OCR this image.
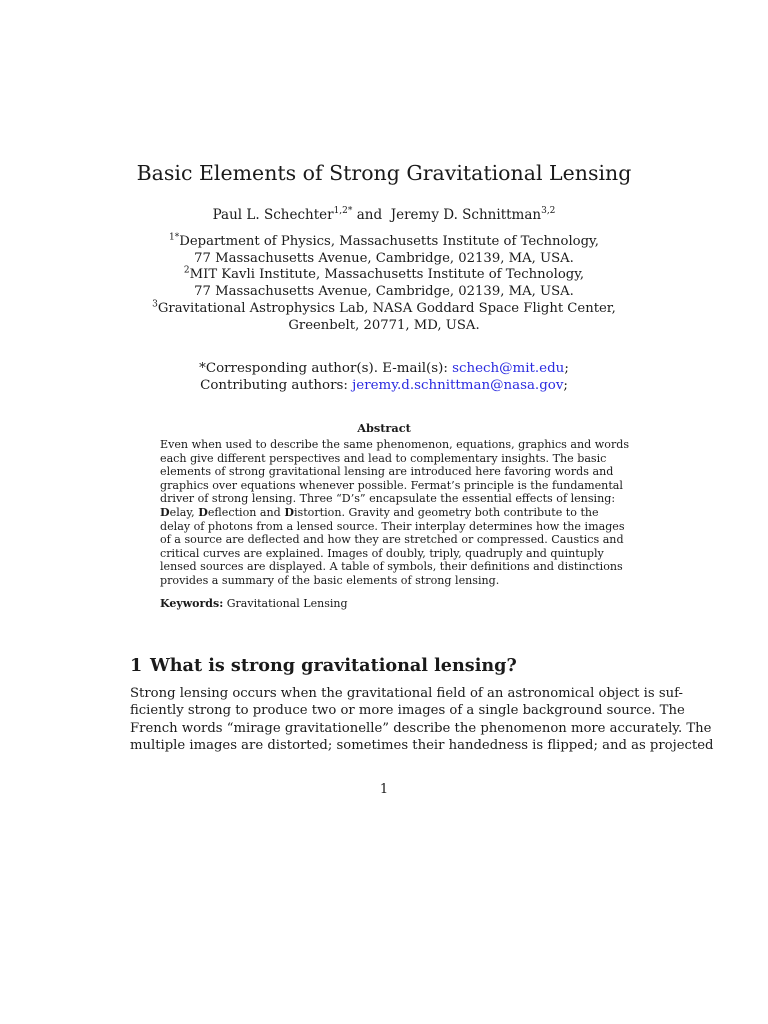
Basic Elements of Strong Gravitational Lensing
Paul L. Schechter$^{1,2*}$ and Jeremy D. Schnittman$^{3,2}$
$^{1*}$Department of Physics, Massachusetts Institute of Technology,
77 Massachusetts Avenue, Cambridge, 02139, MA, USA.
$^2$MIT Kavli Institute, Massachusetts Institute of Technology,
77 Massachusetts Avenue, Cambridge, 02139, MA, USA.
$^3$Gravitational Astrophysics Lab, NASA Goddard Space Flight Center,
Greenbelt, 20771, MD, USA.
*Corresponding author(s). E-mail(s): schech@mit.edu;
Contributing authors: jeremy.d.schnittman@nasa.gov;
Abstract
Even when used to describe the same phenomenon, equations, graphics and words
each give different perspectives and lead to complementary insights. The basic
elements of strong gravitational lensing are introduced here favoring words and
graphics over equations whenever possible. Fermat’s principle is the fundamental
driver of strong lensing. Three “D’s” encapsulate the essential effects of lensing:
Delay, Deflection and Distortion. Gravity and geometry both contribute to the
delay of photons from a lensed source. Their interplay determines how the images
of a source are deflected and how they are stretched or compressed. Caustics and
critical curves are explained. Images of doubly, triply, quadruply and quintuply
lensed sources are displayed. A table of symbols, their definitions and distinctions
provides a summary of the basic elements of strong lensing.
Keywords: Gravitational Lensing
1 What is strong gravitational lensing?
Strong lensing occurs when the gravitational field of an astronomical object is suf-
ficiently strong to produce two or more images of a single background source. The
French words “mirage gravitationelle” describe the phenomenon more accurately. The
multiple images are distorted; sometimes their handedness is flipped; and as projected
1
